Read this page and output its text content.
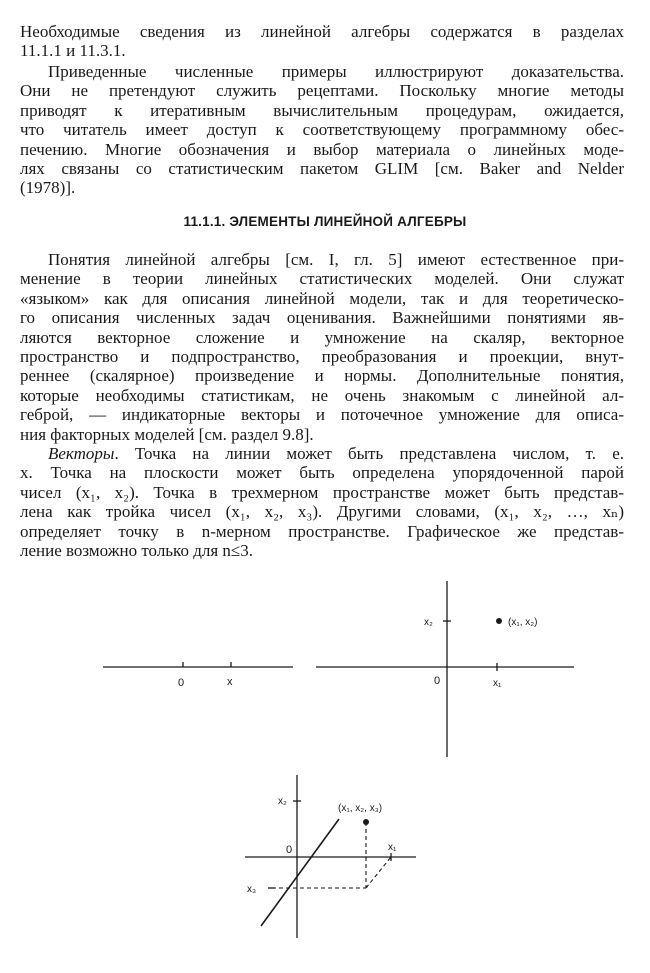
Необходимые сведения из линейной алгебры содержатся в разделах
11.1.1 и 11.3.1.

Приведенные численные примеры иллюстрируют доказательства.
Они не претендуют служить рецептами. Поскольку многие методы
приводят к итеративным вычислительным процедурам, ожидается,
что читатель имеет доступ к соответствующему программному обес-
печению. Многие обозначения и выбор материала о линейных моде-
лях связаны со статистическим пакетом GLIM [см. Baker and Nelder
(1978)].

11.1.1. ЭЛЕМЕНТЫ ЛИНЕЙНОЙ АЛГЕБРЫ

Понятия линейной алгебры [см. I, гл. 5] имеют естественное при-
менение в теории линейных статистических моделей. Они служат
«языком» как для описания линейной модели, так и для теоретическо-
го описания численных задач оценивания. Важнейшими понятиями яв-
ляются векторное сложение и умножение на скаляр, векторное
пространство и подпространство, преобразования и проекции, внут-
реннее (скалярное) произведение и нормы. Дополнительные понятия,
которые необходимы статистикам, не очень знакомым с линейной ал-
геброй, — индикаторные векторы и поточечное умножение для описа-
ния факторных моделей [см. раздел 9.8].

Векторы. Точка на линии может быть представлена числом, т. е.
x. Точка на плоскости может быть определена упорядоченной парой
чисел (x₁, x₂). Точка в трехмерном пространстве может быть представ-
лена как тройка чисел (x₁, x₂, x₃). Другими словами, (x₁, x₂, …, xₙ)
определяет точку в n-мерном пространстве. Графическое же представ-
ление возможно только для n≤3.

0	x	0	x₁
x₂	(x₁, x₂)
0	x₁
x₂
x₃
(x₁, x₂, x₃)
